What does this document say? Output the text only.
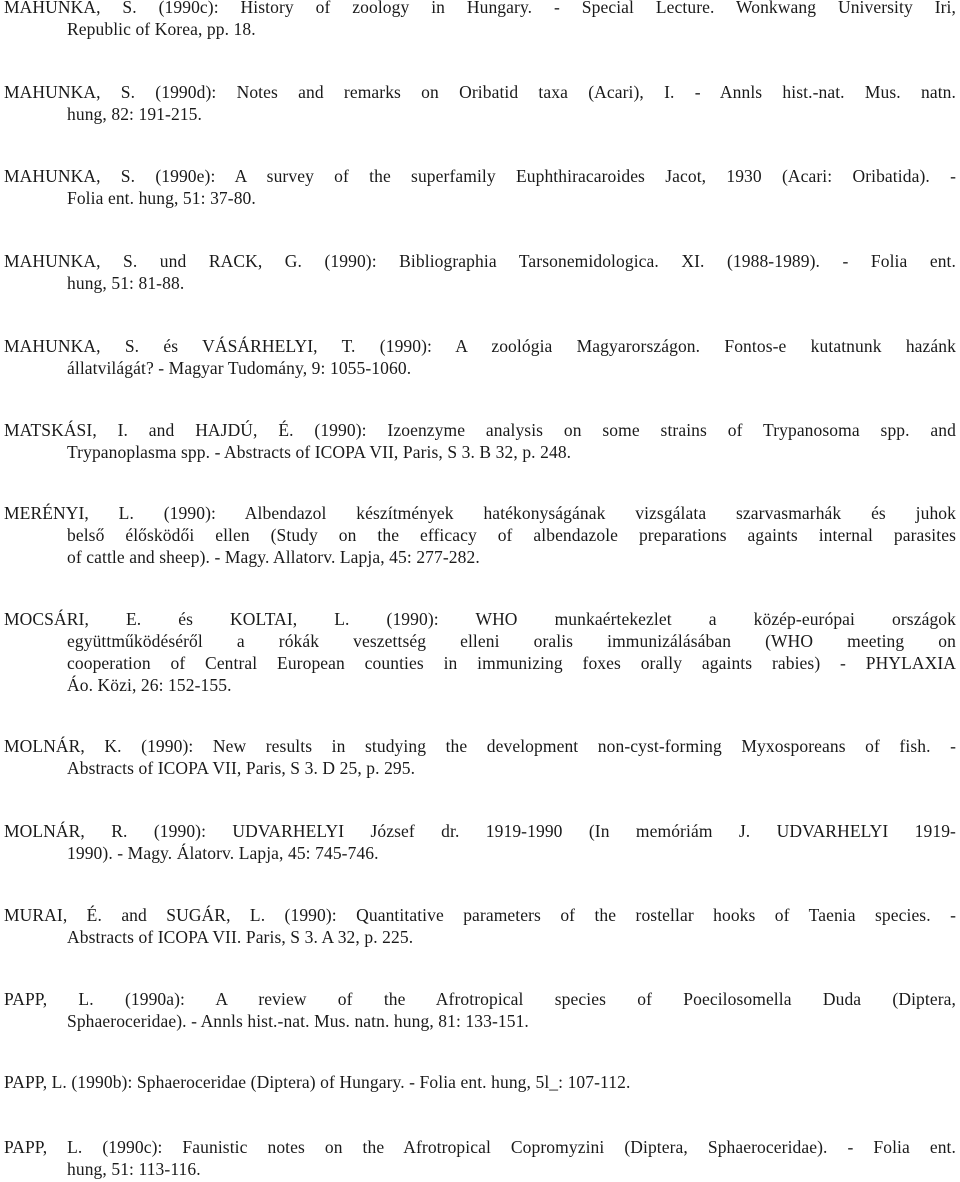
MAHUNKA, S. (1990c): History of zoology in Hungary. - Special Lecture. Wonkwang University Iri,
Republic of Korea, pp. 18.
MAHUNKA, S. (1990d): Notes and remarks on Oribatid taxa (Acari), I. - Annls hist.-nat. Mus. natn.
hung, 82: 191-215.
MAHUNKA, S. (1990e): A survey of the superfamily Euphthiracaroides Jacot, 1930 (Acari: Oribatida). -
Folia ent. hung, 51: 37-80.
MAHUNKA, S. und RACK, G. (1990): Bibliographia Tarsonemidologica. XI. (1988-1989). - Folia ent.
hung, 51: 81-88.
MAHUNKA, S. és VÁSÁRHELYI, T. (1990): A zoológia Magyarországon. Fontos-e kutatnunk hazánk
állatvilágát? - Magyar Tudomány, 9: 1055-1060.
MATSKÁSI, I. and HAJDÚ, É. (1990): Izoenzyme analysis on some strains of Trypanosoma spp. and
Trypanoplasma spp. - Abstracts of ICOPA VII, Paris, S 3. B 32, p. 248.
MERÉNYI, L. (1990): Albendazol készítmények hatékonyságának vizsgálata szarvasmarhák és juhok
belső élősködői ellen (Study on the efficacy of albendazole preparations againts internal parasites
of cattle and sheep). - Magy. Allatorv. Lapja, 45: 277-282.
MOCSÁRI, E. és KOLTAI, L. (1990): WHO munkaértekezlet a közép-európai országok
együttműködéséről a rókák veszettség elleni oralis immunizálásában (WHO meeting on
cooperation of Central European counties in immunizing foxes orally againts rabies) - PHYLAXIA
Áo. Közi, 26: 152-155.
MOLNÁR, K. (1990): New results in studying the development non-cyst-forming Myxosporeans of fish. -
Abstracts of ICOPA VII, Paris, S 3. D 25, p. 295.
MOLNÁR, R. (1990): UDVARHELYI József dr. 1919-1990 (In memóriám J. UDVARHELYI 1919-
1990). - Magy. Álatorv. Lapja, 45: 745-746.
MURAI, É. and SUGÁR, L. (1990): Quantitative parameters of the rostellar hooks of Taenia species. -
Abstracts of ICOPA VII. Paris, S 3. A 32, p. 225.
PAPP, L. (1990a): A review of the Afrotropical species of Poecilosomella Duda (Diptera,
Sphaeroceridae). - Annls hist.-nat. Mus. natn. hung, 81: 133-151.
PAPP, L. (1990b): Sphaeroceridae (Diptera) of Hungary. - Folia ent. hung, 5l_: 107-112.
PAPP, L. (1990c): Faunistic notes on the Afrotropical Copromyzini (Diptera, Sphaeroceridae). - Folia ent.
hung, 51: 113-116.
